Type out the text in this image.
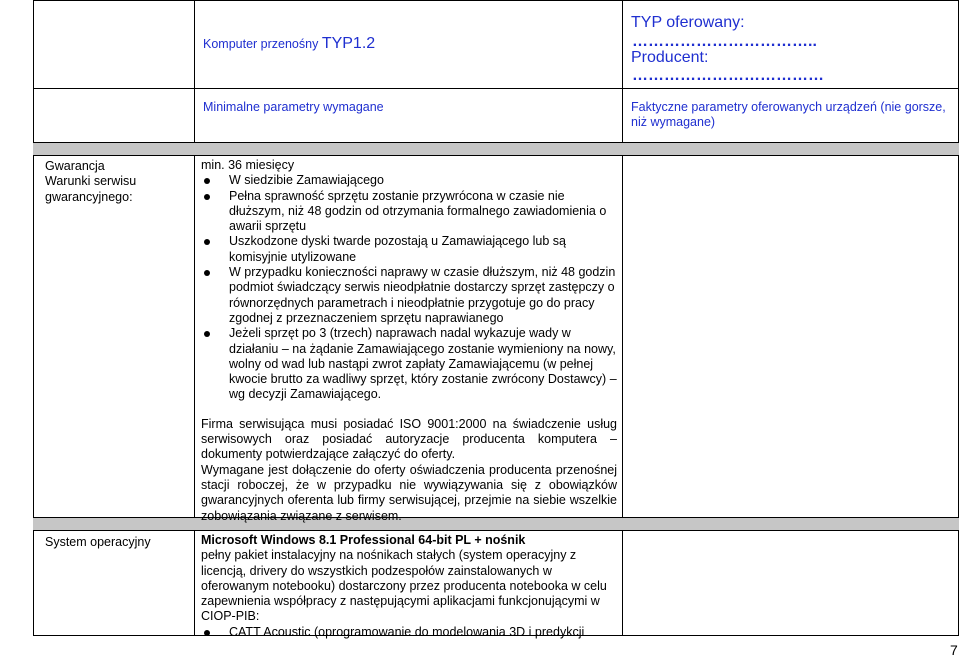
Komputer przenośny TYP1.2
TYP oferowany:
……………………………..
Producent:
………………………………
Minimalne parametry wymagane	Faktyczne parametry oferowanych urządzeń (nie gorsze, niż wymagane)
Gwarancja
Warunki serwisu
gwarancyjnego:
min. 36 miesięcy
W siedzibie Zamawiającego
Pełna sprawność sprzętu zostanie przywrócona w czasie nie dłuższym, niż 48 godzin od otrzymania formalnego zawiadomienia o awarii sprzętu
Uszkodzone dyski twarde pozostają u Zamawiającego lub są komisyjnie utylizowane
W przypadku konieczności naprawy w czasie dłuższym, niż 48 godzin podmiot świadczący serwis nieodpłatnie dostarczy sprzęt zastępczy o równorzędnych parametrach i nieodpłatnie przygotuje go do pracy zgodnej z przeznaczeniem sprzętu naprawianego
Jeżeli sprzęt po 3 (trzech) naprawach nadal wykazuje wady w działaniu – na żądanie Zamawiającego zostanie wymieniony na nowy, wolny od wad lub nastąpi zwrot zapłaty Zamawiającemu (w pełnej kwocie brutto za wadliwy sprzęt, który zostanie zwrócony Dostawcy) – wg decyzji Zamawiającego.
Firma serwisująca musi posiadać ISO 9001:2000 na świadczenie usług serwisowych oraz posiadać autoryzacje producenta komputera – dokumenty potwierdzające załączyć do oferty.
Wymagane jest dołączenie do oferty oświadczenia producenta przenośnej stacji roboczej, że w przypadku nie wywiązywania się z obowiązków gwarancyjnych oferenta lub firmy serwisującej, przejmie na siebie wszelkie zobowiązania związane z serwisem.
System operacyjny	Microsoft Windows 8.1 Professional 64-bit PL + nośnik
pełny pakiet instalacyjny na nośnikach stałych (system operacyjny z licencją, drivery do wszystkich podzespołów zainstalowanych w oferowanym notebooku) dostarczony przez producenta notebooka w celu zapewnienia współpracy z następującymi aplikacjami funkcjonującymi w CIOP-PIB:
CATT Acoustic (oprogramowanie do modelowania 3D i predykcji
7
